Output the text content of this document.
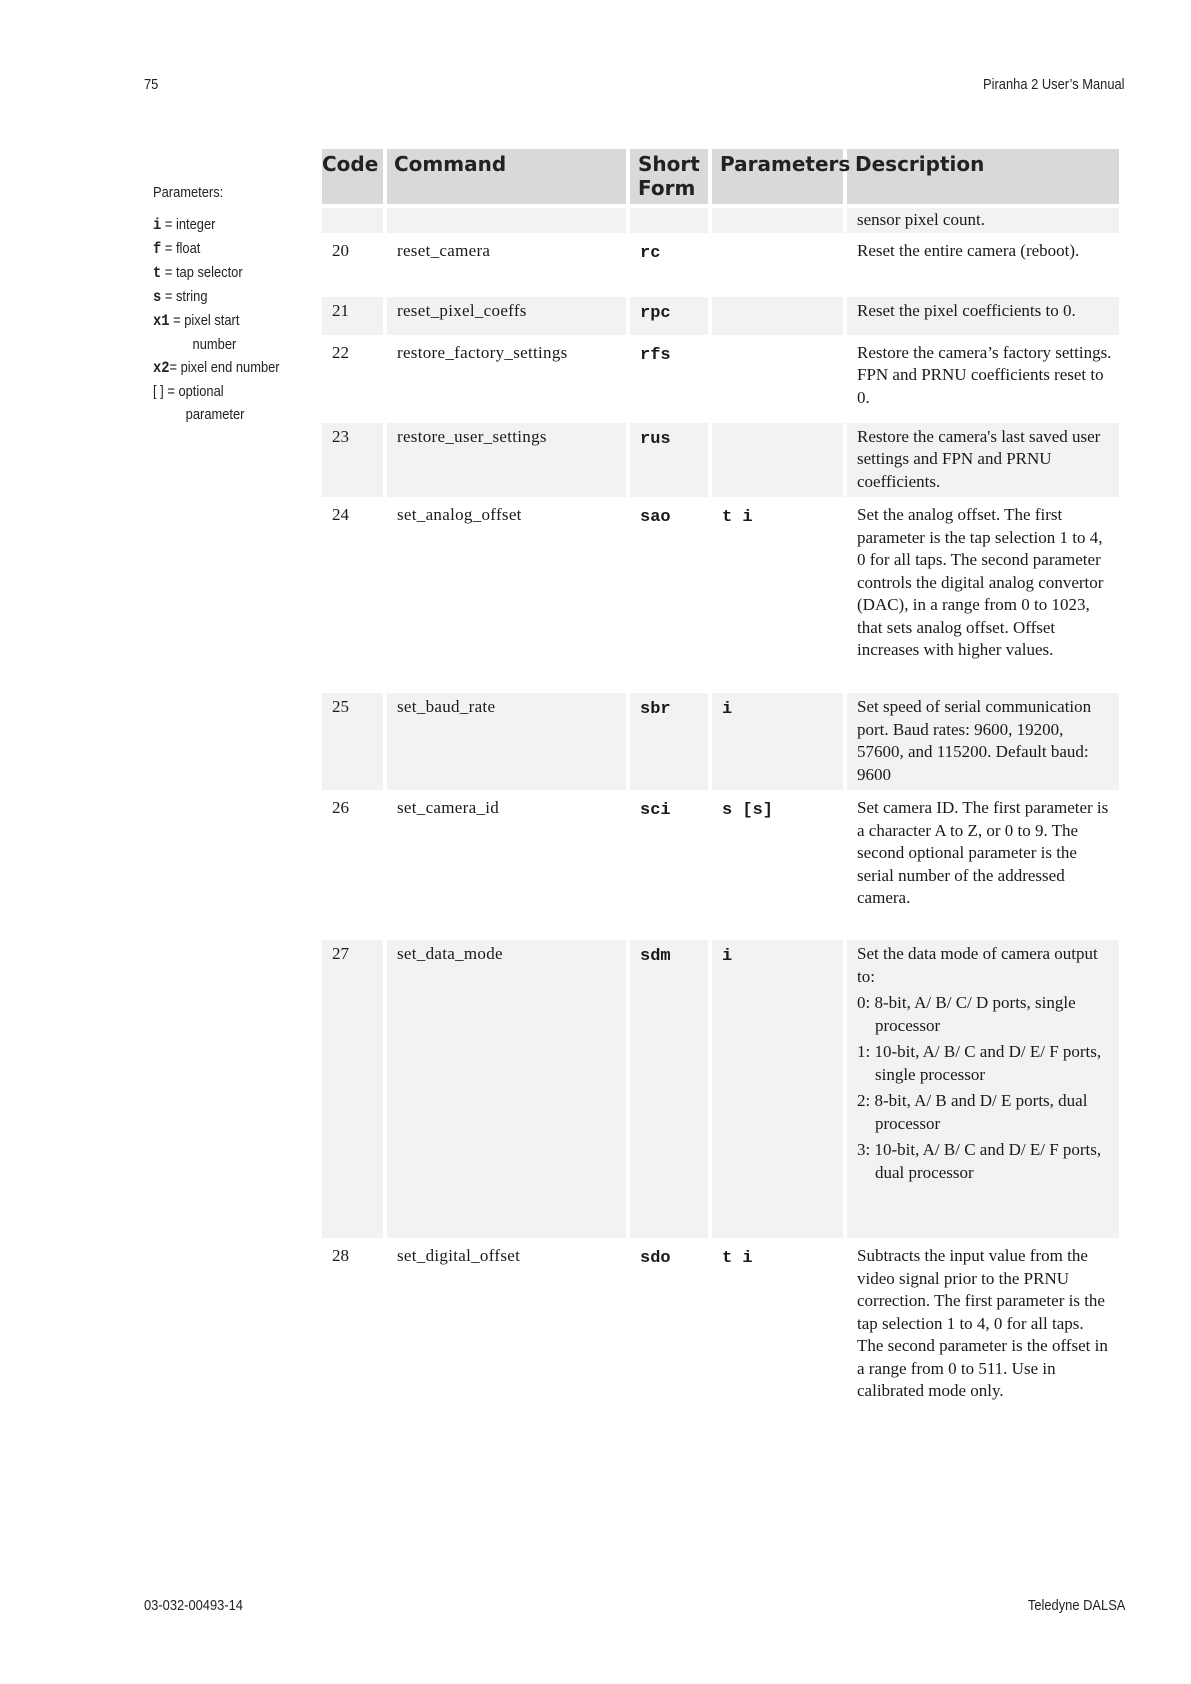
75	Piranha 2 User’s Manual
Parameters:
i = integer
f = float
t = tap selector
s = string
x1 = pixel start
number
x2= pixel end number
[ ] = optional
parameter
Code	Command	Short Form	Parameters	Description
				sensor pixel count.
20	reset_camera	rc		Reset the entire camera (reboot).
21	reset_pixel_coeffs	rpc		Reset the pixel coefficients to 0.
22	restore_factory_settings	rfs		Restore the camera’s factory settings. FPN and PRNU coefficients reset to 0.
23	restore_user_settings	rus		Restore the camera's last saved user settings and FPN and PRNU coefficients.
24	set_analog_offset	sao	t i	Set the analog offset. The first parameter is the tap selection 1 to 4, 0 for all taps. The second parameter controls the digital analog convertor (DAC), in a range from 0 to 1023, that sets analog offset. Offset increases with higher values.
25	set_baud_rate	sbr	i	Set speed of serial communication port. Baud rates: 9600, 19200, 57600, and 115200. Default baud: 9600
26	set_camera_id	sci	s [s]	Set camera ID. The first parameter is a character A to Z, or 0 to 9. The second optional parameter is the serial number of the addressed camera.
27	set_data_mode	sdm	i	Set the data mode of camera output to:
0: 8-bit, A/ B/ C/ D ports, single processor
1: 10-bit, A/ B/ C and D/ E/ F ports, single processor
2: 8-bit, A/ B and D/ E ports, dual processor
3: 10-bit, A/ B/ C and D/ E/ F ports, dual processor

28	set_digital_offset	sdo	t i	Subtracts the input value from the video signal prior to the PRNU correction. The first parameter is the tap selection 1 to 4, 0 for all taps. The second parameter is the offset in a range from 0 to 511. Use in calibrated mode only.
03-032-00493-14	Teledyne DALSA
